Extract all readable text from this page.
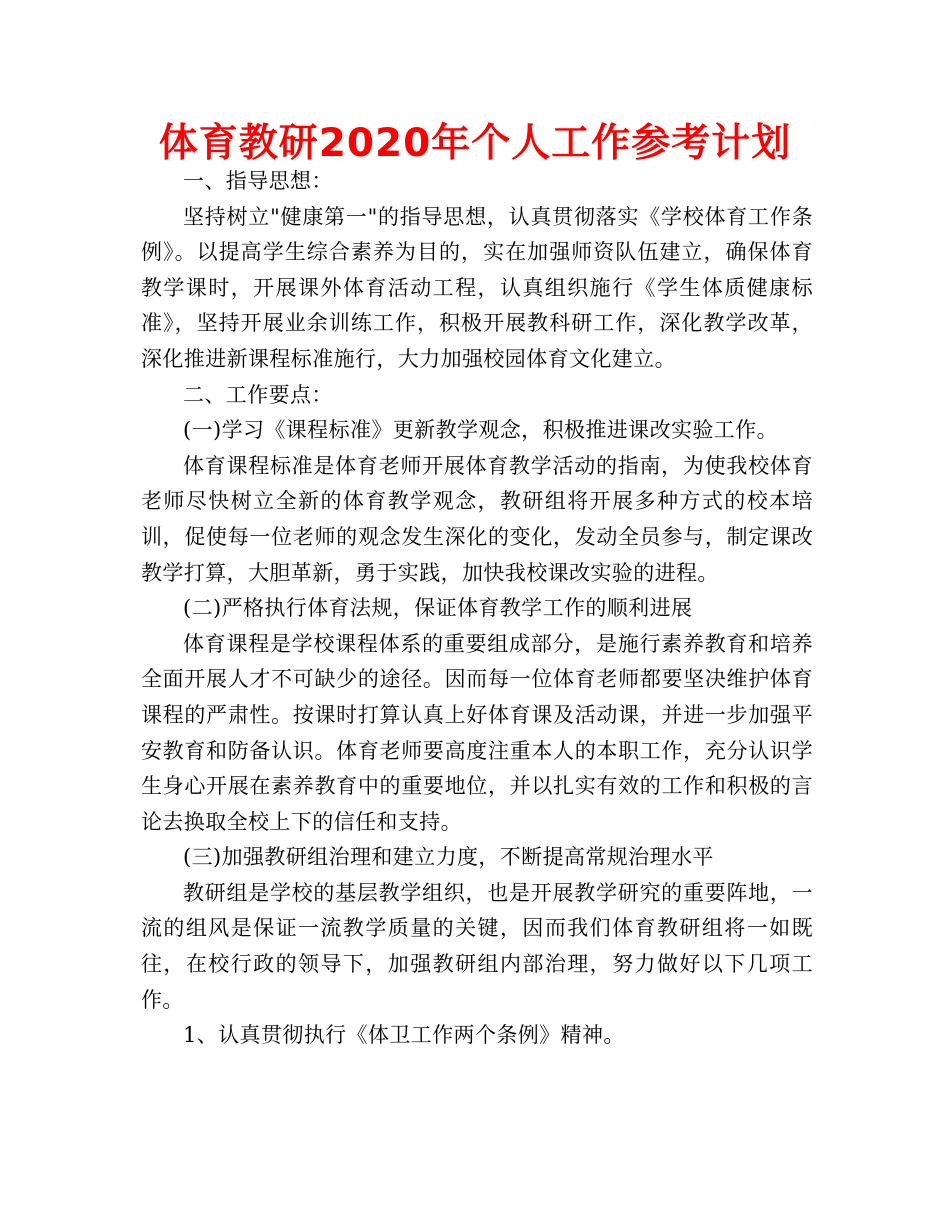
体育教研2020年个人工作参考计划

一、指导思想：

坚持树立"健康第一"的指导思想，认真贯彻落实《学校体育工作条例》。以提高学生综合素养为目的，实在加强师资队伍建立，确保体育教学课时，开展课外体育活动工程，认真组织施行《学生体质健康标准》，坚持开展业余训练工作，积极开展教科研工作，深化教学改革，深化推进新课程标准施行，大力加强校园体育文化建立。

二、工作要点：

(一)学习《课程标准》更新教学观念，积极推进课改实验工作。

体育课程标准是体育老师开展体育教学活动的指南，为使我校体育老师尽快树立全新的体育教学观念，教研组将开展多种方式的校本培训，促使每一位老师的观念发生深化的变化，发动全员参与，制定课改教学打算，大胆革新，勇于实践，加快我校课改实验的进程。

(二)严格执行体育法规，保证体育教学工作的顺利进展

体育课程是学校课程体系的重要组成部分，是施行素养教育和培养全面开展人才不可缺少的途径。因而每一位体育老师都要坚决维护体育课程的严肃性。按课时打算认真上好体育课及活动课，并进一步加强平安教育和防备认识。体育老师要高度注重本人的本职工作，充分认识学生身心开展在素养教育中的重要地位，并以扎实有效的工作和积极的言论去换取全校上下的信任和支持。

(三)加强教研组治理和建立力度，不断提高常规治理水平

教研组是学校的基层教学组织，也是开展教学研究的重要阵地，一流的组风是保证一流教学质量的关键，因而我们体育教研组将一如既往，在校行政的领导下，加强教研组内部治理，努力做好以下几项工作。

1、认真贯彻执行《体卫工作两个条例》精神。
